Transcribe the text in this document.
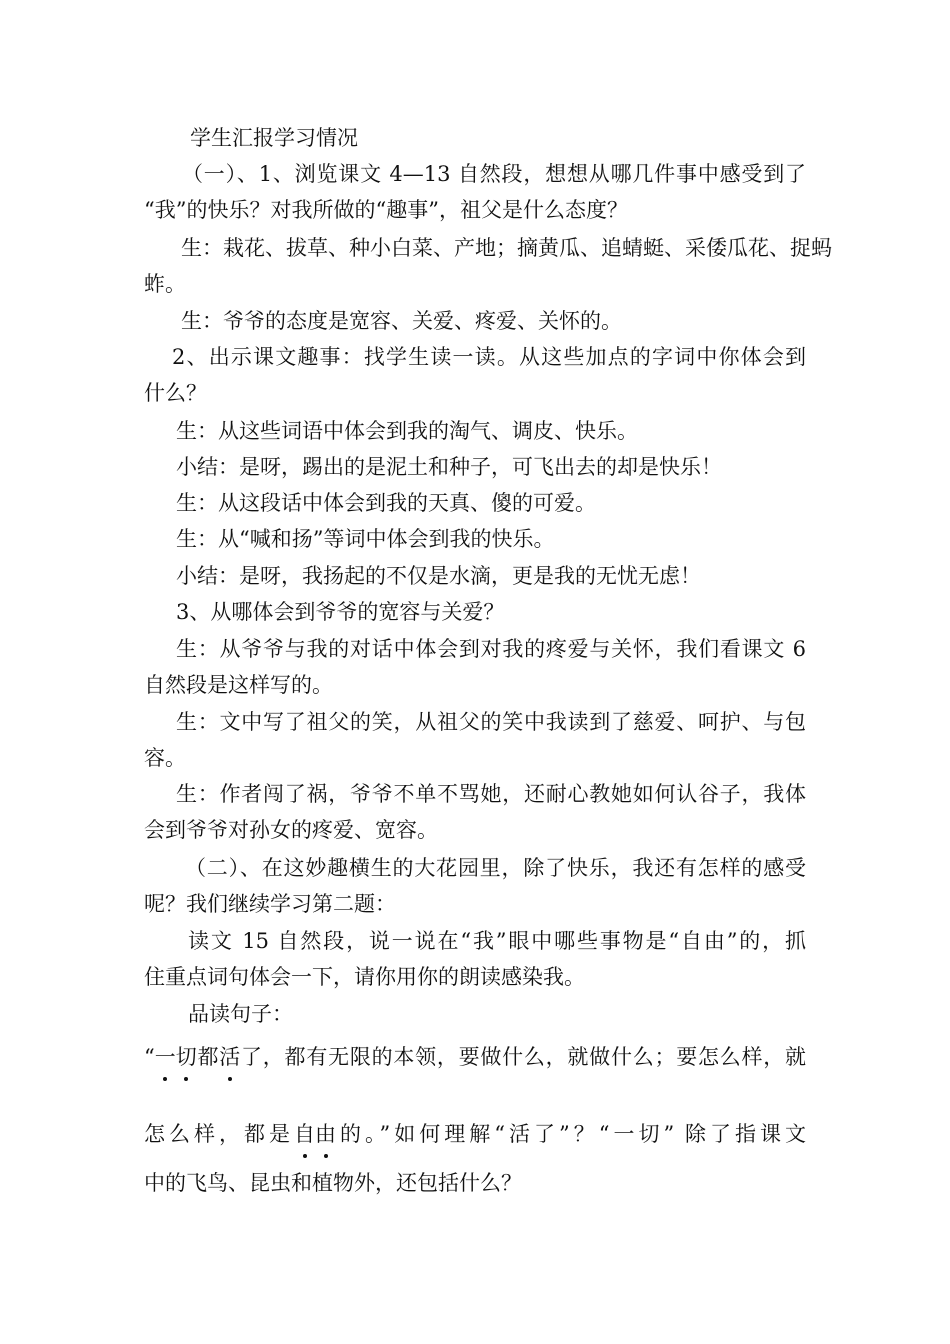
学生汇报学习情况
（一）、1、浏览课文 4—13 自然段，想想从哪几件事中感受到了
“我”的快乐？对我所做的“趣事”，祖父是什么态度？
生：栽花、拔草、种小白菜、产地；摘黄瓜、追蜻蜓、采倭瓜花、捉蚂
蚱。
生：爷爷的态度是宽容、关爱、疼爱、关怀的。
2、出示课文趣事：找学生读一读。从这些加点的字词中你体会到
什么？
生：从这些词语中体会到我的淘气、调皮、快乐。
小结：是呀，踢出的是泥土和种子，可飞出去的却是快乐！
生：从这段话中体会到我的天真、傻的可爱。
生：从“喊和扬”等词中体会到我的快乐。
小结：是呀，我扬起的不仅是水滴，更是我的无忧无虑！
3、从哪体会到爷爷的宽容与关爱？
生：从爷爷与我的对话中体会到对我的疼爱与关怀，我们看课文 6
自然段是这样写的。
生：文中写了祖父的笑，从祖父的笑中我读到了慈爱、呵护、与包
容。
生：作者闯了祸，爷爷不单不骂她，还耐心教她如何认谷子，我体
会到爷爷对孙女的疼爱、宽容。
（二）、在这妙趣横生的大花园里，除了快乐，我还有怎样的感受
呢？我们继续学习第二题：
读文 15 自然段，说一说在“我”眼中哪些事物是“自由”的，抓
住重点词句体会一下，请你用你的朗读感染我。
品读句子：
“一切都活了，都有无限的本领，要做什么，就做什么；要怎么样，就
怎么样，都是自由的。”如何理解“活了”？“一切” 除了指课文
中的飞鸟、昆虫和植物外，还包括什么？
